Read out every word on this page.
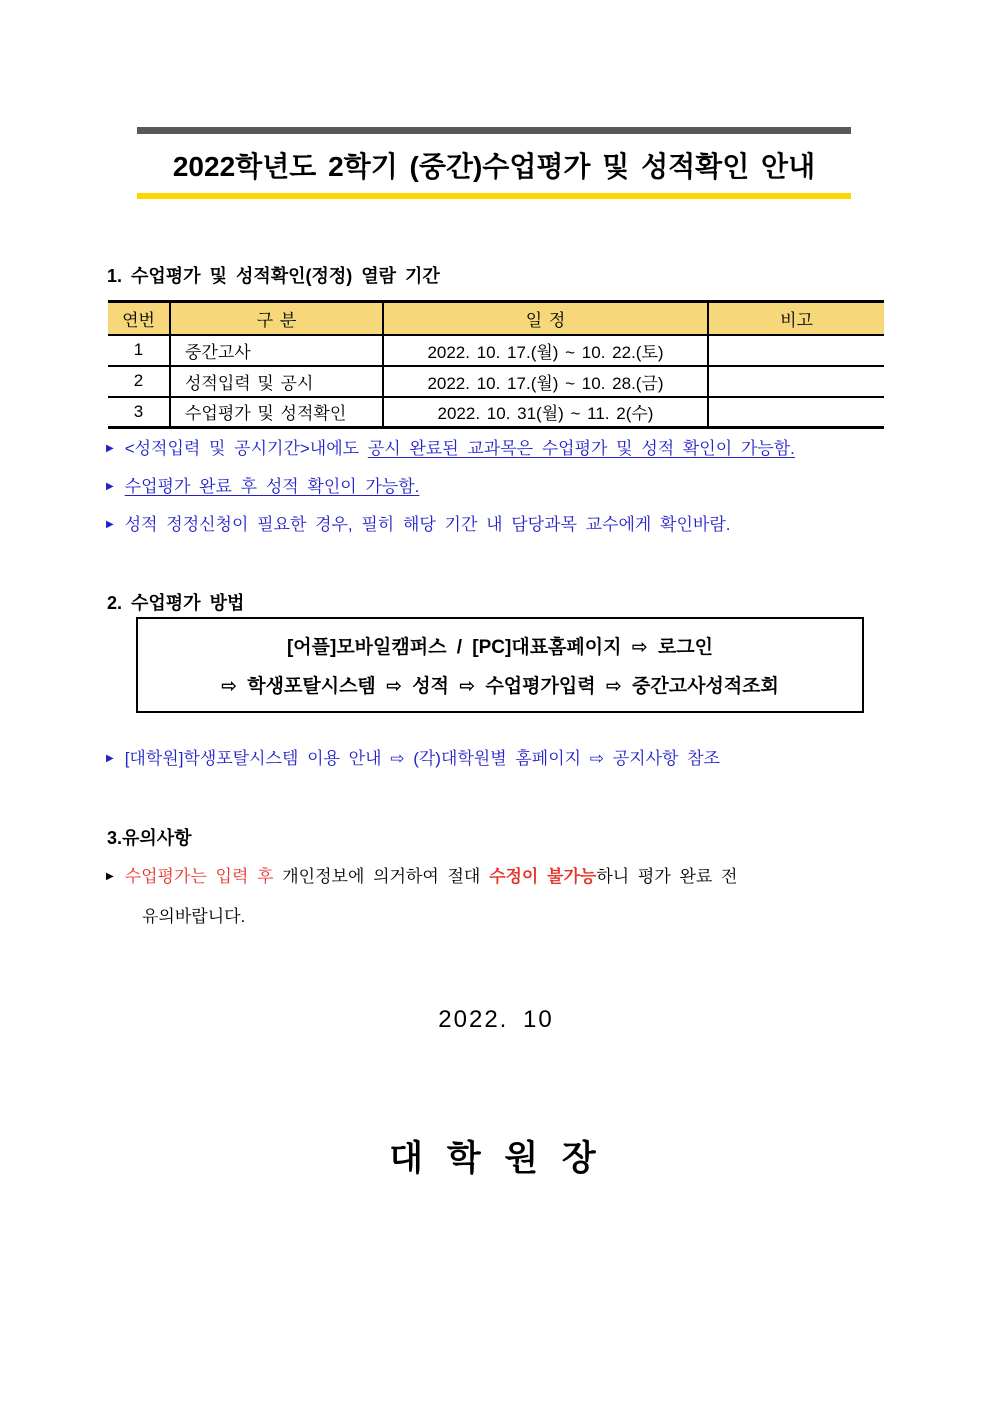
2022학년도 2학기 (중간)수업평가 및 성적확인 안내
1. 수업평가 및 성적확인(정정) 열람 기간
연번	구 분	일 정	비고
1	중간고사	2022. 10. 17.(월) ~ 10. 22.(토)	
2	성적입력 및 공시	2022. 10. 17.(월) ~ 10. 28.(금)	
3	수업평가 및 성적확인	2022. 10. 31(월) ~ 11. 2(수)	
▶ <성적입력 및 공시기간>내에도 공시 완료된 교과목은 수업평가 및 성적 확인이 가능함.
▶ 수업평가 완료 후 성적 확인이 가능함.
▶ 성적 정정신청이 필요한 경우, 필히 해당 기간 내 담당과목 교수에게 확인바람.
2. 수업평가 방법

[어플]모바일캠퍼스 / [PC]대표홈페이지 ⇨ 로그인

⇨ 학생포탈시스템 ⇨ 성적 ⇨ 수업평가입력 ⇨ 중간고사성적조회

▶ [대학원]학생포탈시스템 이용 안내 ⇨ (각)대학원별 홈페이지 ⇨ 공지사항 참조
3.유의사항
▶ 수업평가는 입력 후 개인정보에 의거하여 절대 수정이 불가능하니 평가 완료 전

유의바랍니다.

2022. 10

대 학 원 장
